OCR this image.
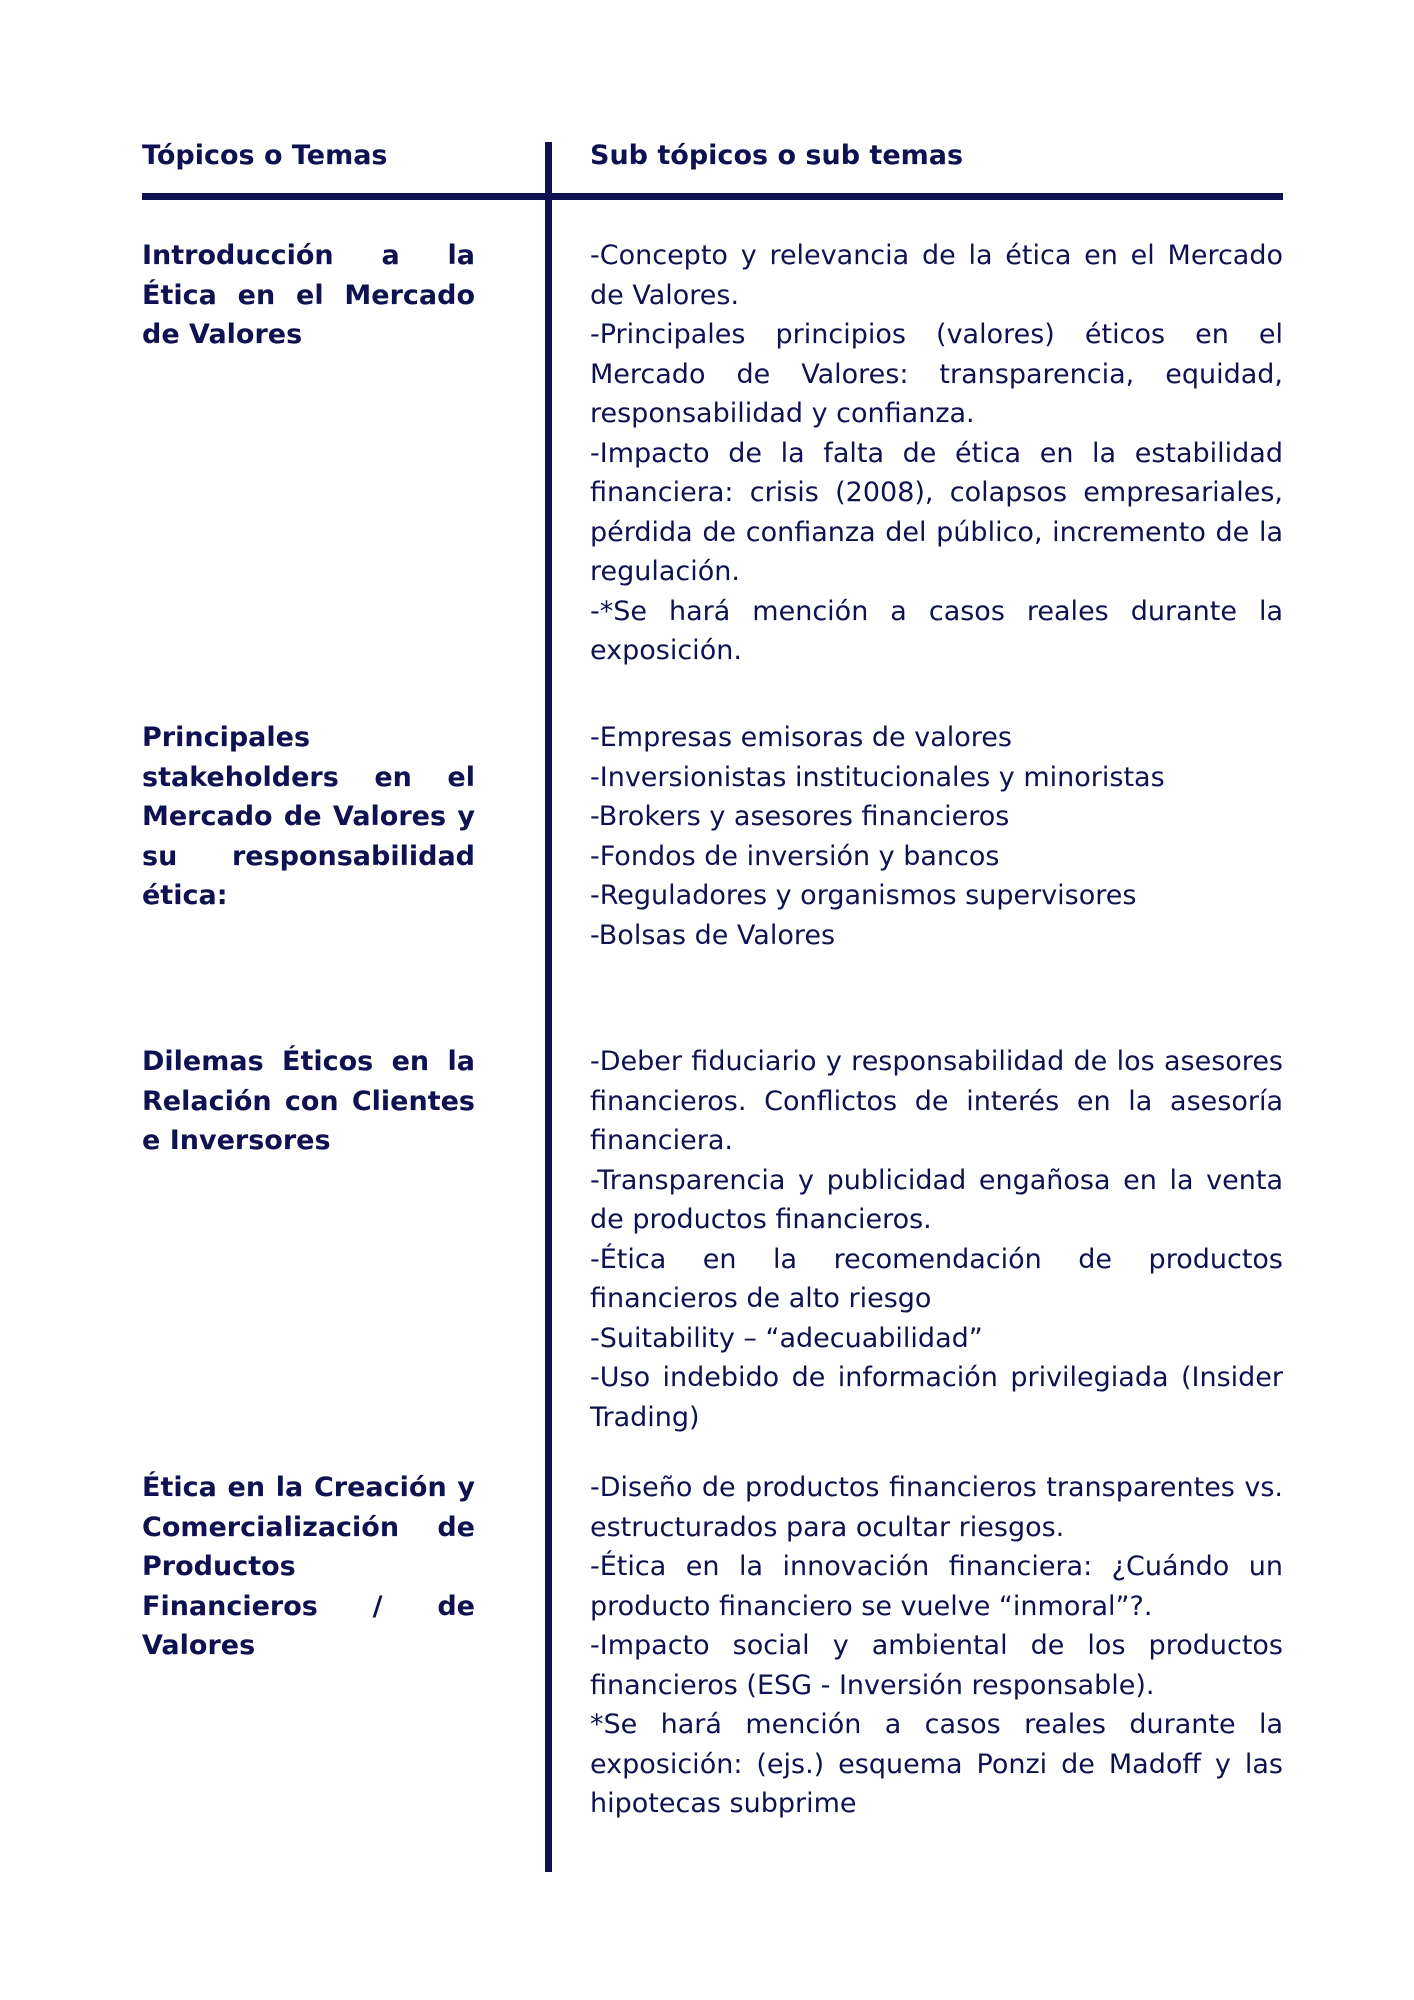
Tópicos o Temas	Sub tópicos o sub temas
Introducción a la Ética en el Mercado de Valores
-Concepto y relevancia de la ética en el Mercado de Valores.
-Principales principios (valores) éticos en el Mercado de Valores: transparencia, equidad, responsabilidad y confianza.
-Impacto de la falta de ética en la estabilidad financiera: crisis (2008), colapsos empresariales, pérdida de confianza del público, incremento de la regulación.
-*Se hará mención a casos reales durante la exposición.
Principales stakeholders en el Mercado de Valores y su responsabilidad ética:
-Empresas emisoras de valores
-Inversionistas institucionales y minoristas
-Brokers y asesores financieros
-Fondos de inversión y bancos
-Reguladores y organismos supervisores
-Bolsas de Valores
Dilemas Éticos en la Relación con Clientes e Inversores
-Deber fiduciario y responsabilidad de los asesores financieros. Conflictos de interés en la asesoría financiera.
-Transparencia y publicidad engañosa en la venta de productos financieros.
-Ética en la recomendación de productos financieros de alto riesgo
-Suitability – “adecuabilidad”
-Uso indebido de información privilegiada (Insider Trading)
Ética en la Creación y Comercialización de Productos Financieros / de Valores
-Diseño de productos financieros transparentes vs. estructurados para ocultar riesgos.
-Ética en la innovación financiera: ¿Cuándo un producto financiero se vuelve “inmoral”?.
-Impacto social y ambiental de los productos financieros (ESG - Inversión responsable).
*Se hará mención a casos reales durante la exposición: (ejs.) esquema Ponzi de Madoff y las hipotecas subprime
